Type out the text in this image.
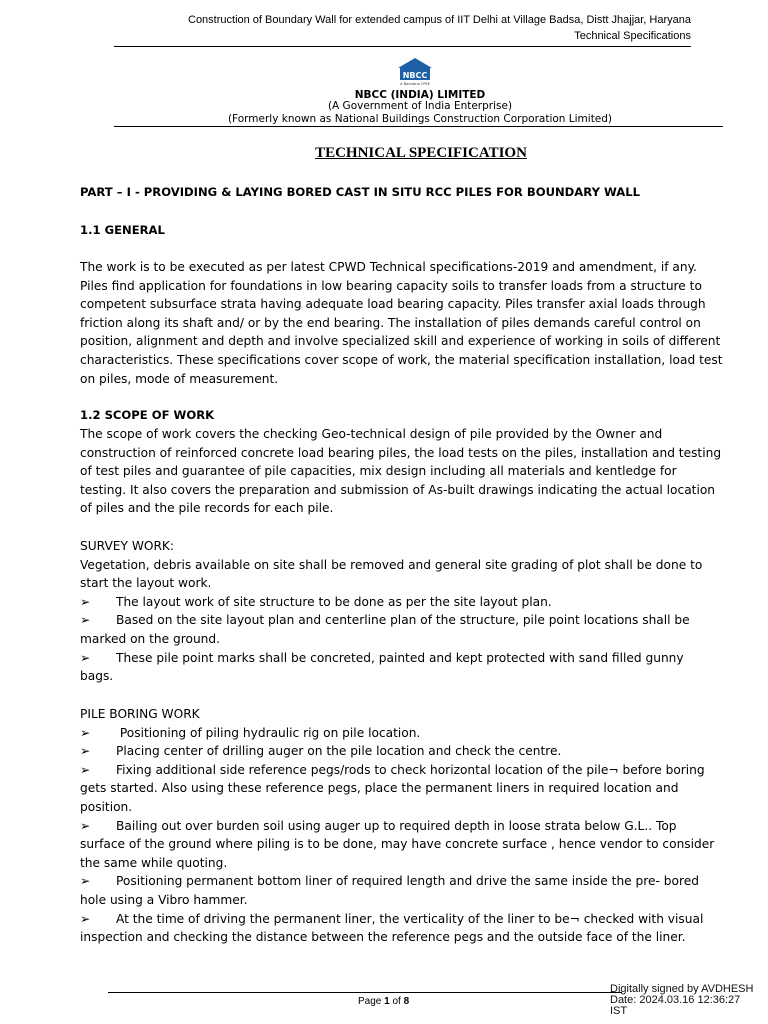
Construction of Boundary Wall for extended campus of IIT Delhi at Village Badsa, Distt Jhajjar, Haryana
Technical Specifications
NBCC
A Navratna CPSE
NBCC (INDIA) LIMITED
(A Government of India Enterprise)
(Formerly known as National Buildings Construction Corporation Limited)
TECHNICAL SPECIFICATION
PART – I - PROVIDING & LAYING BORED CAST IN SITU RCC PILES FOR BOUNDARY WALL
1.1 GENERAL
The work is to be executed as per latest CPWD Technical specifications-2019 and amendment, if any.
Piles find application for foundations in low bearing capacity soils to transfer loads from a structure to
competent subsurface strata having adequate load bearing capacity. Piles transfer axial loads through
friction along its shaft and/ or by the end bearing. The installation of piles demands careful control on
position, alignment and depth and involve specialized skill and experience of working in soils of different
characteristics. These specifications cover scope of work, the material specification installation, load test
on piles, mode of measurement.
1.2 SCOPE OF WORK
The scope of work covers the checking Geo-technical design of pile provided by the Owner and
construction of reinforced concrete load bearing piles, the load tests on the piles, installation and testing
of test piles and guarantee of pile capacities, mix design including all materials and kentledge for
testing. It also covers the preparation and submission of As-built drawings indicating the actual location
of piles and the pile records for each pile.
SURVEY WORK:
Vegetation, debris available on site shall be removed and general site grading of plot shall be done to
start the layout work.
➢ The layout work of site structure to be done as per the site layout plan.
➢ Based on the site layout plan and centerline plan of the structure, pile point locations shall be
marked on the ground.
➢ These pile point marks shall be concreted, painted and kept protected with sand filled gunny
bags.
PILE BORING WORK
➢ Positioning of piling hydraulic rig on pile location.
➢ Placing center of drilling auger on the pile location and check the centre.
➢ Fixing additional side reference pegs/rods to check horizontal location of the pile¬ before boring
gets started. Also using these reference pegs, place the permanent liners in required location and
position.
➢ Bailing out over burden soil using auger up to required depth in loose strata below G.L.. Top
surface of the ground where piling is to be done, may have concrete surface , hence vendor to consider
the same while quoting.
➢ Positioning permanent bottom liner of required length and drive the same inside the pre- bored
hole using a Vibro hammer.
➢ At the time of driving the permanent liner, the verticality of the liner to be¬ checked with visual
inspection and checking the distance between the reference pegs and the outside face of the liner.
Page 1 of 8
Digitally signed by AVDHESH
Date: 2024.03.16 12:36:27
IST
